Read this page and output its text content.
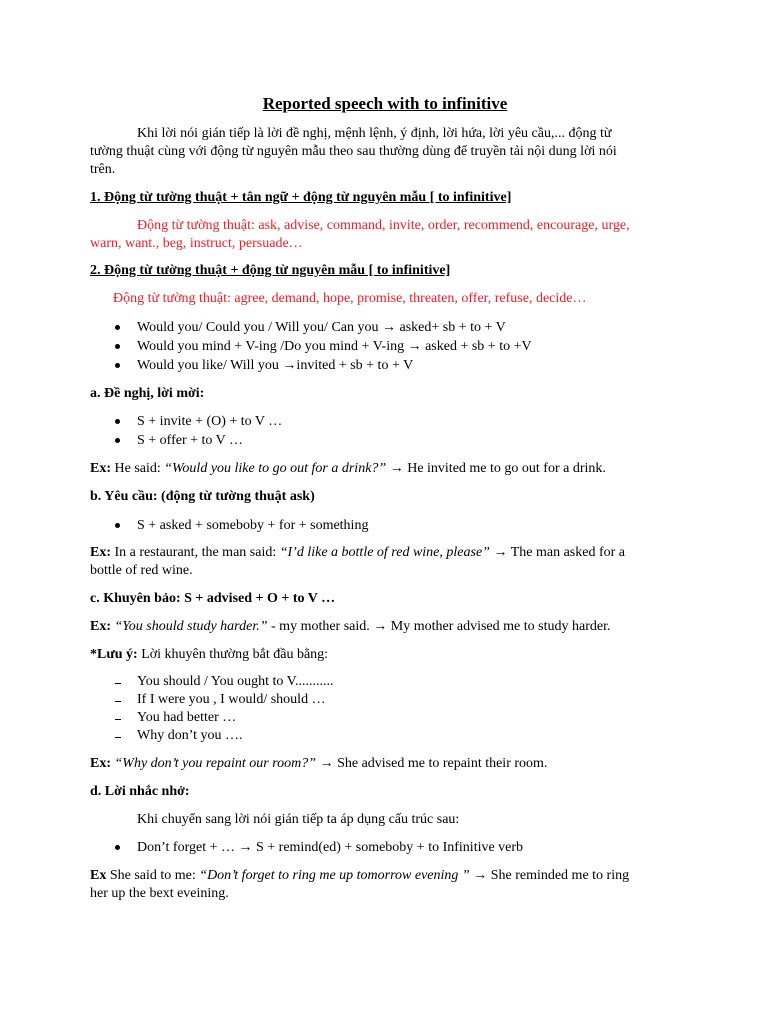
Reported speech with to infinitive

Khi lời nói gián tiếp là lời đề nghị, mệnh lệnh, ý định, lời hứa, lời yêu cầu,... động từ
tường thuật cùng với động từ nguyên mẫu theo sau thường dùng để truyền tải nội dung lời nói
trên.

1. Động từ tường thuật + tân ngữ + động từ nguyên mẫu [ to infinitive]

Động từ tường thuật: ask, advise, command, invite, order, recommend, encourage, urge,
warn, want., beg, instruct, persuade…

2. Động từ tường thuật + động từ nguyên mẫu [ to infinitive]

Động từ tường thuật: agree, demand, hope, promise, threaten, offer, refuse, decide…

Would you/ Could you / Will you/ Can you → asked+ sb + to + V
Would you mind + V-ing /Do you mind + V-ing → asked + sb + to +V
Would you like/ Will you →invited + sb + to + V

a. Đề nghị, lời mời:

S + invite + (O) + to V …
S + offer + to V …

Ex: He said: “Would you like to go out for a drink?” → He invited me to go out for a drink.

b. Yêu cầu: (động từ tường thuật ask)

S + asked + someboby + for + something

Ex: In a restaurant, the man said: “I’d like a bottle of red wine, please” → The man asked for a
bottle of red wine.

c. Khuyên bảo: S + advised + O + to V …

Ex: “You should study harder.” - my mother said. → My mother advised me to study harder.

*Lưu ý: Lời khuyên thường bắt đầu bằng:

You should / You ought to V...........
If I were you , I would/ should …
You had better …
Why don’t you ….

Ex: “Why don’t you repaint our room?” → She advised me to repaint their room.

d. Lời nhắc nhở:

Khi chuyển sang lời nói gián tiếp ta áp dụng cấu trúc sau:

Don’t forget + … → S + remind(ed) + someboby + to Infinitive verb

Ex She said to me: “Don’t forget to ring me up tomorrow evening ” → She reminded me to ring
her up the bext eveining.
